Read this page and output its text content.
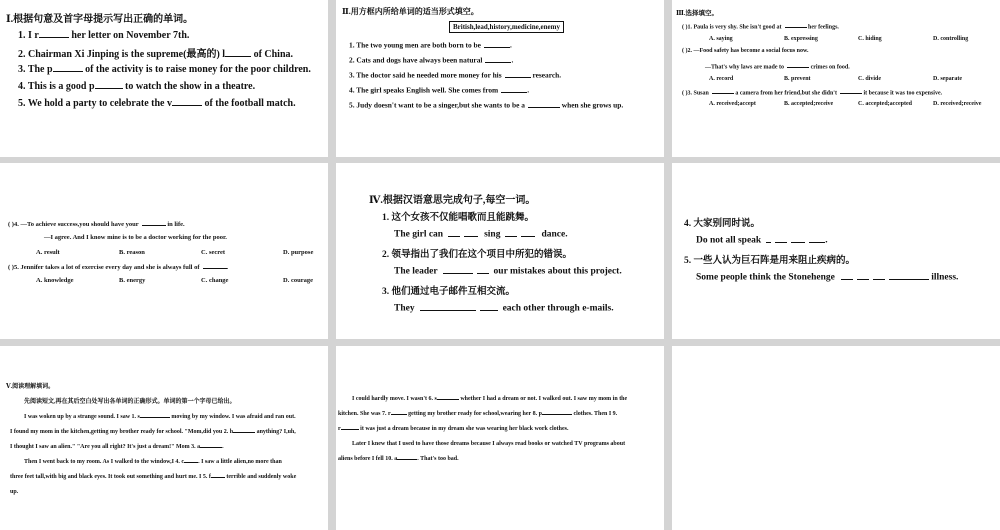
Ⅰ.根据句意及首字母提示写出正确的单词。
1. I r	her letter on November 7th.
2. Chairman Xi Jinping is the supreme(最高的) l	of China.
3. The p	of the activity is to raise money for the poor children.
4. This is a good p	to watch the show in a theatre.
5. We hold a party to celebrate the v	of the football match.
Ⅱ.用方框内所给单词的适当形式填空。
British,lead,history,medicine,enemy
1. The two young men are both born to be	.
2. Cats and dogs have always been natural	.
3. The doctor said he needed more money for his	research.
4. The girl speaks English well. She comes from	.
5. Judy doesn't want to be a singer,but she wants to be a	when she grows up.
Ⅲ.选择填空。
( )1. Paula is very shy. She isn't good at	her feelings.
A. saying	B. expressing	C. hiding	D. controlling
( )2. —Food safety has become a social focus now.
—That's why laws are made to	crimes on food.
A. record	B. prevent	C. divide	D. separate
( )3. Susan	a camera from her friend,but she didn't	it because it was too expensive.
A. received;accept	B. accepted;receive	C. accepted;accepted	D. received;receive
( )4. —To achieve success,you should have your	in life.
—I agree. And I know mine is to be a doctor working for the poor.
A. result	B. reason	C. secret	D. purpose
( )5. Jennifer takes a lot of exercise every day and she is always full of	.
A. knowledge	B. energy	C. change	D. courage
Ⅳ.根据汉语意思完成句子,每空一词。
1. 这个女孩不仅能唱歌而且能跳舞。
The girl can	sing	dance.
2. 领导指出了我们在这个项目中所犯的错误。
The leader	our mistakes about this project.
3. 他们通过电子邮件互相交流。
They	each other through e-mails.
4. 大家别同时说。
Do not all speak	.
5. 一些人认为巨石阵是用来阻止疾病的。
Some people think the Stonehenge	illness.
Ⅴ.阅读理解填词。
先阅读短文,再在其后空白处写出各单词的正确形式。单词的第一个字母已给出。
I was woken up by a strange sound. I saw 1. s	moving by my window. I was afraid and ran out.
I found my mom in the kitchen,getting my brother ready for school. "Mom,did you 2. h	anything? I,uh,
I thought I saw an alien." "Are you all right? It's just a dream!" Mom 3. a	.
Then I went back to my room. As I walked to the window,I 4. c . I saw a little alien,no more than
three feet tall,with big and black eyes. It took out something and hurt me. I 5. f terrible and suddenly woke
up.
I could hardly move. I wasn't 6. s	whether I had a dream or not. I walked out. I saw my mom in the
kitchen. She was 7. r	getting my brother ready for school,wearing her 8. p	clothes. Then I 9.
r	it was just a dream because in my dream she was wearing her black work clothes.
Later I knew that I used to have those dreams because I always read books or watched TV programs about
aliens before I fell 10. a	. That's too bad.
